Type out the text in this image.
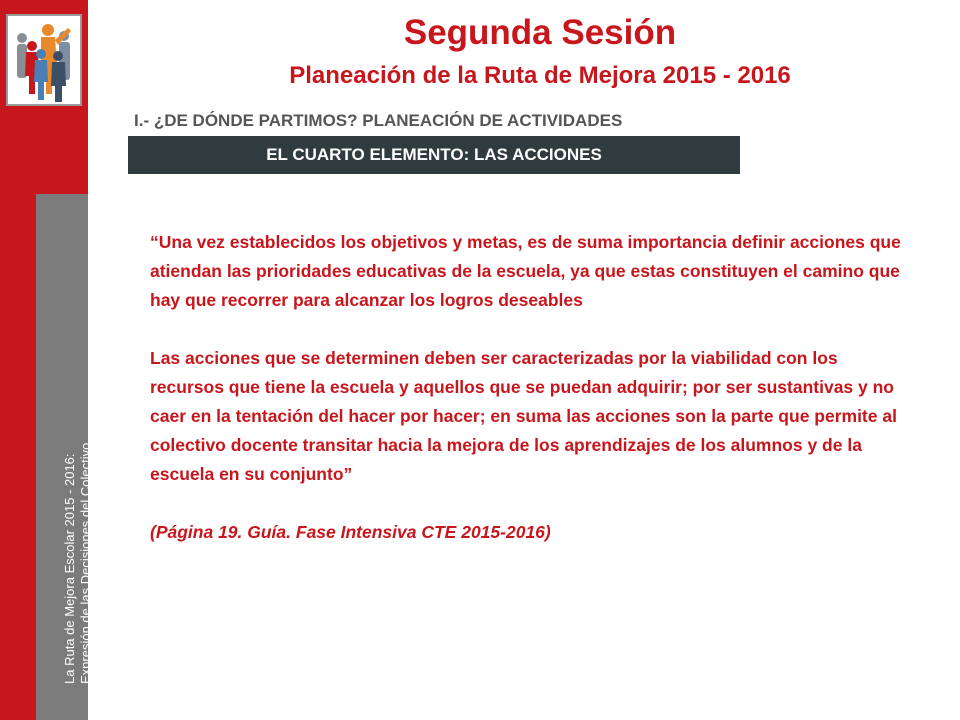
La Ruta de Mejora Escolar 2015 - 2016: Expresión de las Decisiones del Colectivo
Segunda Sesión
Planeación de la Ruta de Mejora 2015 - 2016
I.- ¿DE DÓNDE PARTIMOS? PLANEACIÓN DE ACTIVIDADES
EL CUARTO ELEMENTO: LAS ACCIONES

“Una vez establecidos los objetivos y metas, es de suma importancia definir acciones que atiendan las prioridades educativas de la escuela, ya que estas constituyen el camino que hay que recorrer para alcanzar los logros deseables

Las acciones que se determinen deben ser caracterizadas por la viabilidad con los recursos que tiene la escuela y aquellos que se puedan adquirir; por ser sustantivas y no caer en la tentación del hacer por hacer; en suma las acciones son la parte que permite al colectivo docente transitar hacia la mejora de los aprendizajes de los alumnos y de la escuela en su conjunto”

(Página 19. Guía. Fase Intensiva CTE 2015-2016)
